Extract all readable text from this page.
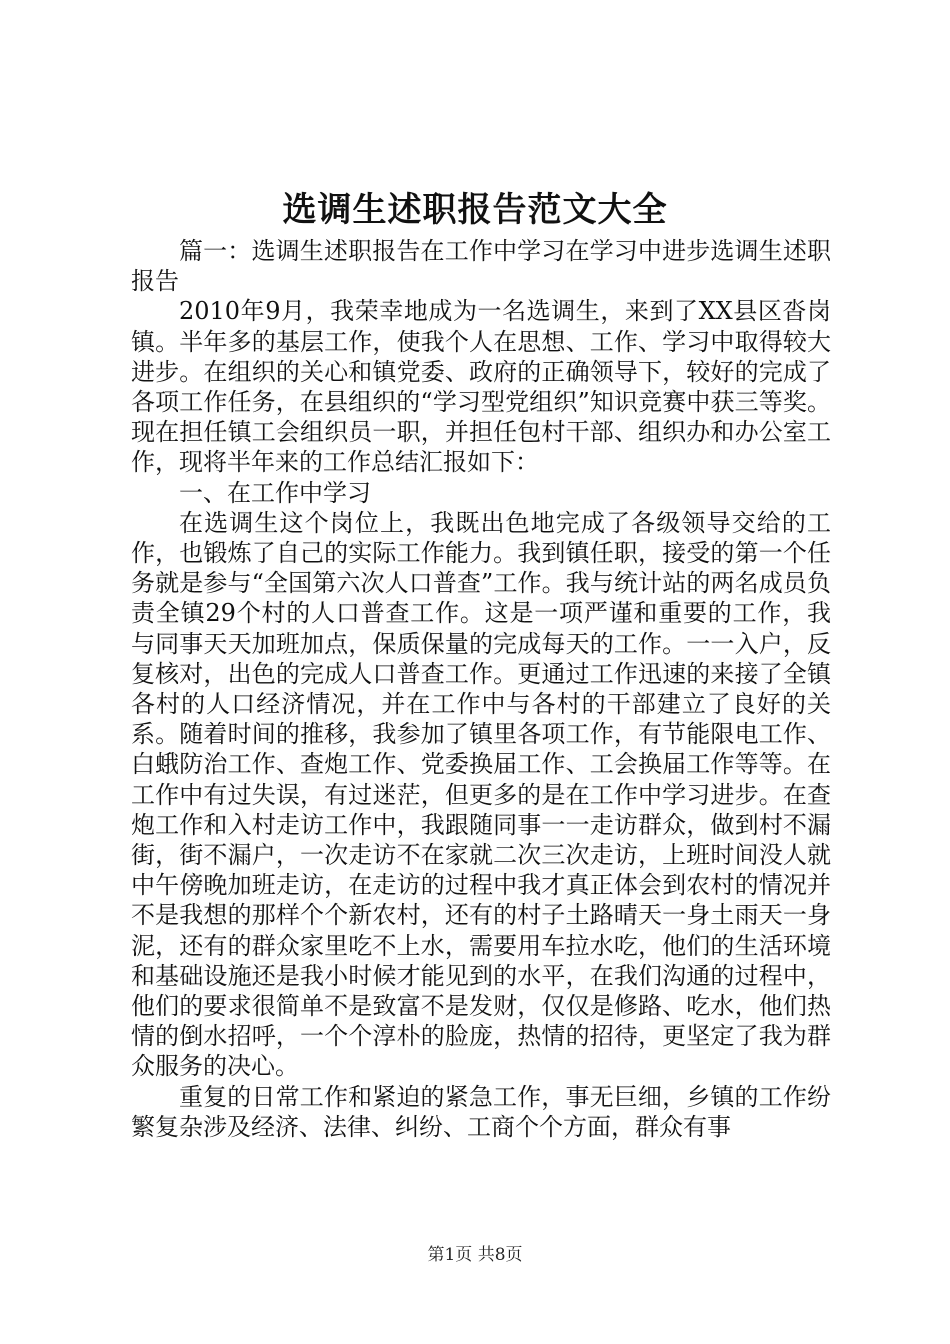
选调生述职报告范文大全

篇一：选调生述职报告在工作中学习在学习中进步选调生述职报告

2010年9月，我荣幸地成为一名选调生，来到了XX县区沓岗镇。半年多的基层工作，使我个人在思想、工作、学习中取得较大进步。在组织的关心和镇党委、政府的正确领导下，较好的完成了各项工作任务，在县组织的“学习型党组织”知识竞赛中获三等奖。现在担任镇工会组织员一职，并担任包村干部、组织办和办公室工作，现将半年来的工作总结汇报如下：

一、在工作中学习

在选调生这个岗位上，我既出色地完成了各级领导交给的工作，也锻炼了自己的实际工作能力。我到镇任职，接受的第一个任务就是参与“全国第六次人口普查”工作。我与统计站的两名成员负责全镇29个村的人口普查工作。这是一项严谨和重要的工作，我与同事天天加班加点，保质保量的完成每天的工作。一一入户，反复核对，出色的完成人口普查工作。更通过工作迅速的来接了全镇各村的人口经济情况，并在工作中与各村的干部建立了良好的关系。随着时间的推移，我参加了镇里各项工作，有节能限电工作、白蛾防治工作、查炮工作、党委换届工作、工会换届工作等等。在工作中有过失误，有过迷茫，但更多的是在工作中学习进步。在查炮工作和入村走访工作中，我跟随同事一一走访群众，做到村不漏街，街不漏户，一次走访不在家就二次三次走访，上班时间没人就中午傍晚加班走访，在走访的过程中我才真正体会到农村的情况并不是我想的那样个个新农村，还有的村子土路晴天一身土雨天一身泥，还有的群众家里吃不上水，需要用车拉水吃，他们的生活环境和基础设施还是我小时候才能见到的水平，在我们沟通的过程中，他们的要求很简单不是致富不是发财，仅仅是修路、吃水，他们热情的倒水招呼，一个个淳朴的脸庞，热情的招待，更坚定了我为群众服务的决心。

重复的日常工作和紧迫的紧急工作，事无巨细，乡镇的工作纷繁复杂涉及经济、法律、纠纷、工商个个方面，群众有事

第1页 共8页
